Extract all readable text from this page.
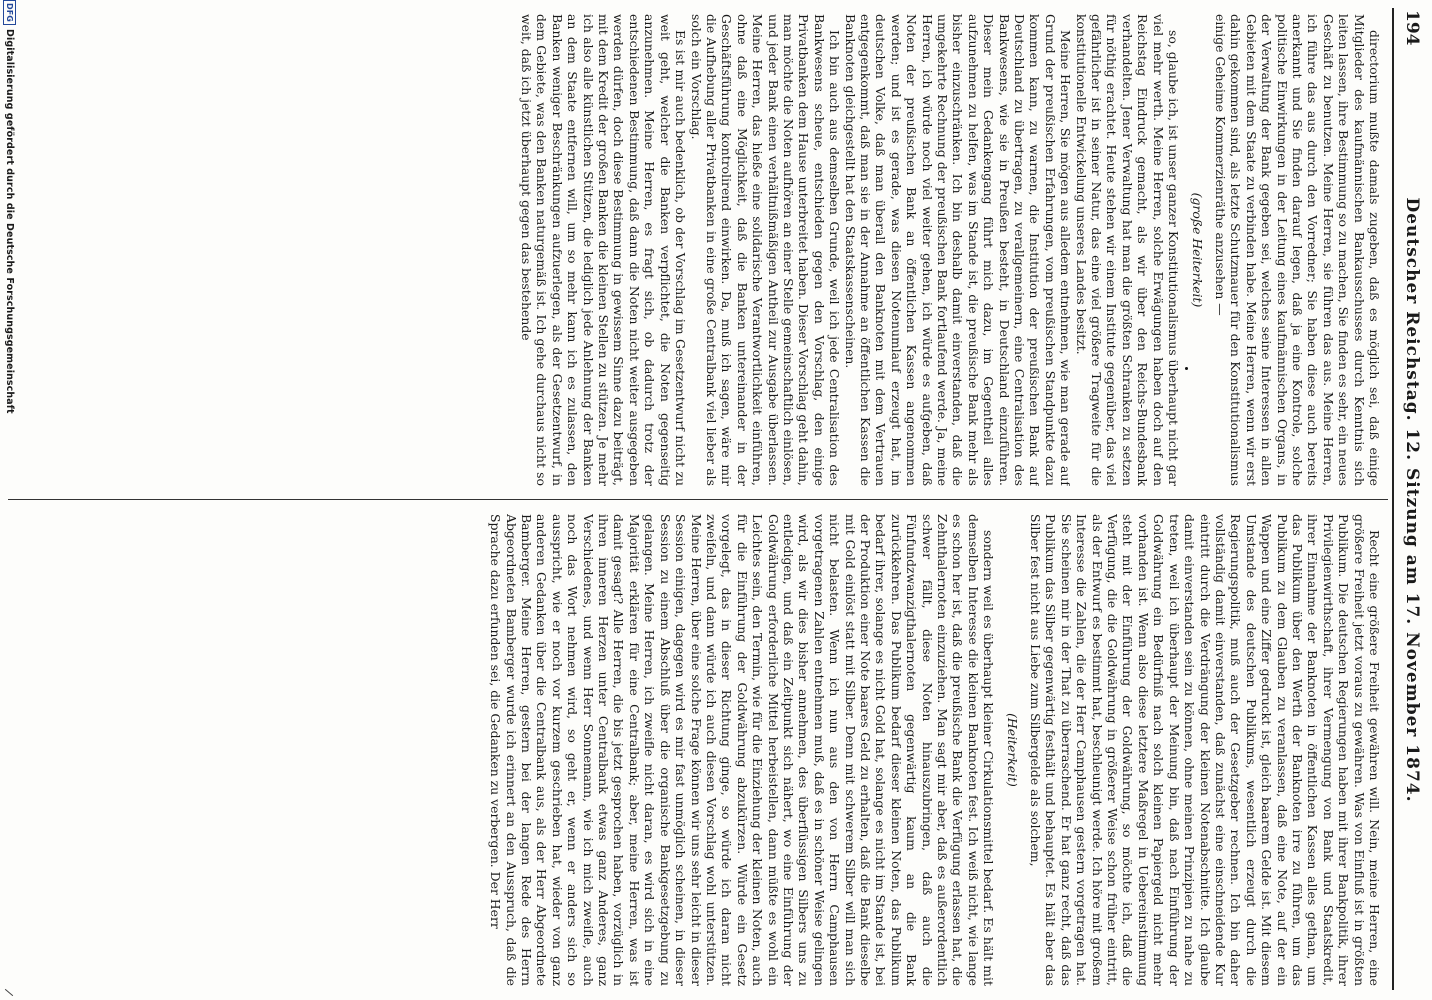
194
Deutscher Reichstag. 12. Sitzung am 17. November 1874.

directorium mußte damals zugeben, daß es möglich sei, daß einige Mitglieder des kaufmännischen Bankausschusses durch Kenntnis sich leiten lassen, ihre Bestimmung so zu machen, Sie finden es sehr, ein neues Geschäft zu benutzen. Meine Herren, sie führen das aus. Meine Herren, ich führe das aus durch den Vorredner; Sie haben diese auch bereits anerkannt und Sie finden darauf legen, daß ja eine Kontrole, solche politische Einwirkungen in der Leitung eines kaufmännischen Organs, in der Verwaltung der Bank gegeben sei, welches seine Interessen in allen Gebieten mit dem Staate zu verbinden habe. Meine Herren, wenn wir erst dahin gekommen sind, als letzte Schutzmauer für den Konstitutionalismus einige Geheime Kommerzienräthe anzusehen —

(große Heiterkeit)

so, glaube ich, ist unser ganzer Konstitutionalismus überhaupt nicht gar viel mehr werth. Meine Herren, solche Erwägungen haben doch auf den Reichstag Eindruck gemacht, als wir über den Reichs-Bundesbank verhandelten. Jener Verwaltung hat man die größten Schranken zu setzen für nöthig erachtet. Heute stehen wir einem Institute gegenüber, das viel gefährlicher ist in seiner Natur, das eine viel größere Tragweite für die konstitutionelle Entwickelung unseres Landes besitzt.

Meine Herren, Sie mögen aus alledem entnehmen, wie man gerade auf Grund der preußischen Erfahrungen, vom preußischen Standpunkte dazu kommen kann, zu warnen, die Institution der preußischen Bank auf Deutschland zu übertragen, zu verallgemeinern, eine Centralisation des Bankwesens, wie sie in Preußen besteht, in Deutschland einzuführen. Dieser mein Gedankengang führt mich dazu, im Gegentheil alles aufzunehmen zu helfen, was im Stande ist, die preußische Bank mehr als bisher einzuschränken. Ich bin deshalb damit einverstanden, daß die umgekehrte Rechnung der preußischen Bank fortlaufend werde. Ja, meine Herren, ich würde noch viel weiter gehen, ich würde es aufgeben, daß Noten der preußischen Bank an öffentlichen Kassen angenommen werden; und ist es gerade, was diesen Notenumlauf erzeugt hat, im deutschen Volke, daß man überall den Banknoten mit dem Vertrauen entgegenkommt, daß man sie in der Annahme an öffentlichen Kassen die Banknoten gleichgestellt hat den Staatskassenscheinen.

Ich bin auch aus demselben Grunde, weil ich jede Centralisation des Bankwesens scheue, entschieden gegen den Vorschlag, den einige Privatbanken dem Hause unterbreitet haben. Dieser Vorschlag geht dahin, man möchte die Noten aufhören an einer Stelle gemeinschaftlich einlösen, und jeder Bank einen verhältnißmäßigen Antheil zur Ausgabe überlassen. Meine Herren, das hieße eine solidarische Verantwortlichkeit einführen, ohne daß eine Möglichkeit, daß die Banken untereinander in der Geschäftsführung kontrolirend einwirken. Da, muß ich sagen, wäre mir die Aufhebung aller Privatbanken in eine große Centralbank viel lieber als solch ein Vorschlag.

Es ist mir auch bedenklich, ob der Vorschlag im Gesetzentwurf nicht zu weit geht, welcher die Banken verpflichtet, die Noten gegenseitig anzunehmen. Meine Herren, es fragt sich, ob dadurch trotz der entschiedenen Bestimmung, daß dann die Noten nicht weiter ausgegeben werden dürfen, doch diese Bestimmung in gewissem Sinne dazu beiträgt, mit dem Kredit der großen Banken die kleinen Stellen zu stützen. Je mehr ich also alle künstlichen Stützen, die lediglich jede Anlehnung der Banken an dem Staate entfernen will, um so mehr kann ich es zulassen, den Banken weniger Beschränkungen aufzuerlegen, als der Gesetzentwurf, in dem Gebiete, was den Banken naturgemäß ist. Ich gehe durchaus nicht so weit, daß ich jetzt überhaupt gegen das bestehende

Recht eine größere Freiheit gewähren will. Nein, meine Herren, eine größere Freiheit jetzt voraus zu gewähren. Was von Einfluß ist in größten Publikum. Die deutschen Regierungen haben mit ihrer Bankpolitik, ihrer Privilegienwirthschaft, ihrer Vermengung von Bank und Staatskredit, ihrer Einnahme der Banknoten in öffentlichen Kassen alles gethan, um das Publikum über den Werth der Banknoten irre zu führen, um das Publikum zu dem Glauben zu veranlassen, daß eine Note, auf der ein Wappen und eine Ziffer gedruckt ist, gleich baarem Gelde ist. Mit diesem Umstande des deutschen Publikums, wesentlich erzeugt durch die Regierungspolitik, muß auch der Gesetzgeber rechnen. Ich bin daher vollständig damit einverstanden, daß zunächst eine einschneidende Kur eintritt durch die Verdrängung der kleinen Notenabschnitte. Ich glaube damit einverstanden sein zu können, ohne meinen Prinzipien zu nahe zu treten, weil ich überhaupt der Meinung bin, daß nach Einführung der Goldwährung ein Bedürfniß nach solch kleinen Papiergeld nicht mehr vorhanden ist. Wenn also diese letztere Maßregel in Uebereinstimmung steht mit der Einführung der Goldwährung, so möchte ich, daß die Verfügung, die die Goldwährung in größerer Weise schon früher eintritt, als der Entwurf es bestimmt hat, beschleunigt werde. Ich höre mit großem Interesse die Zahlen, die der Herr Camphausen gestern vorgetragen hat. Sie scheinen mir in der That zu überraschend. Er hat ganz recht, daß das Publikum das Silber gegenwärtig festhält und behauptet. Es hält aber das Silber fest nicht aus Liebe zum Silbergelde als solchem,

(Heiterkeit)

sondern weil es überhaupt kleiner Cirkulationsmittel bedarf. Es hält mit demselben Interesse die kleinen Banknoten fest. Ich weiß nicht, wie lange es schon her ist, daß die preußische Bank die Verfügung erlassen hat, die Zehnthalernoten einzuziehen. Man sagt mir aber, daß es außerordentlich schwer fällt, diese Noten hinauszubringen, daß auch die Fünfundzwanzigthalernoten gegenwärtig kaum an die Bank zurückkehren. Das Publikum bedarf dieser kleinen Noten, das Publikum bedarf ihrer, solange es nicht Gold hat, solange es nicht im Stande ist, bei der Produktion einer Note baares Geld zu erhalten, daß die Bank dieselbe mit Gold einlöst statt mit Silber. Denn mit schwerem Silber will man sich nicht belasten. Wenn ich nun aus den von Herrn Camphausen vorgetragenen Zahlen entnehmen muß, daß es in schöner Weise gelingen wird, als wir dies bisher annehmen, des überflüssigen Silbers uns zu entledigen, und daß ein Zeitpunkt sich nähert, wo eine Einführung der Goldwährung erforderliche Mittel herbeistellen, dann müßte es wohl ein Leichtes sein, den Termin, wie für die Einziehung der kleinen Noten, auch für die Einführung der Goldwährung abzukürzen. Würde ein Gesetz vorgelegt, das in dieser Richtung ginge, so würde ich daran nicht zweifeln, und dann würde ich auch diesen Vorschlag wohl unterstützen. Meine Herren, über eine solche Frage können wir uns sehr leicht in dieser Session einigen, dagegen wird es mir fast unmöglich scheinen, in dieser Session zu einem Abschluß über die organische Bankgesetzgebung zu gelangen. Meine Herren, ich zweifle nicht daran, es wird sich in eine Majorität erklären für eine Centralbank; aber, meine Herren, was ist damit gesagt? Alle Herren, die bis jetzt gesprochen haben, vorzüglich in ihren inneren Herzen unter Centralbank etwas ganz Anderes, ganz Verschiedenes, und wenn Herr Sonnemann, wie ich mich zweifle, auch noch das Wort nehmen wird, so geht er, wenn er anders sich so ausspricht, wie er noch vor kurzem geschrieben hat, wieder von ganz anderen Gedanken über die Centralbank aus, als der Herr Abgeordnete Bamberger. Meine Herren, gestern bei der langen Rede des Herrn Abgeordneten Bamberger wurde ich erinnert an den Ausspruch, daß die Sprache dazu erfunden sei, die Gedanken zu verbergen. Der Herr

DFGDigitalisierung gefördert durch die Deutsche Forschungsgemeinschaft
